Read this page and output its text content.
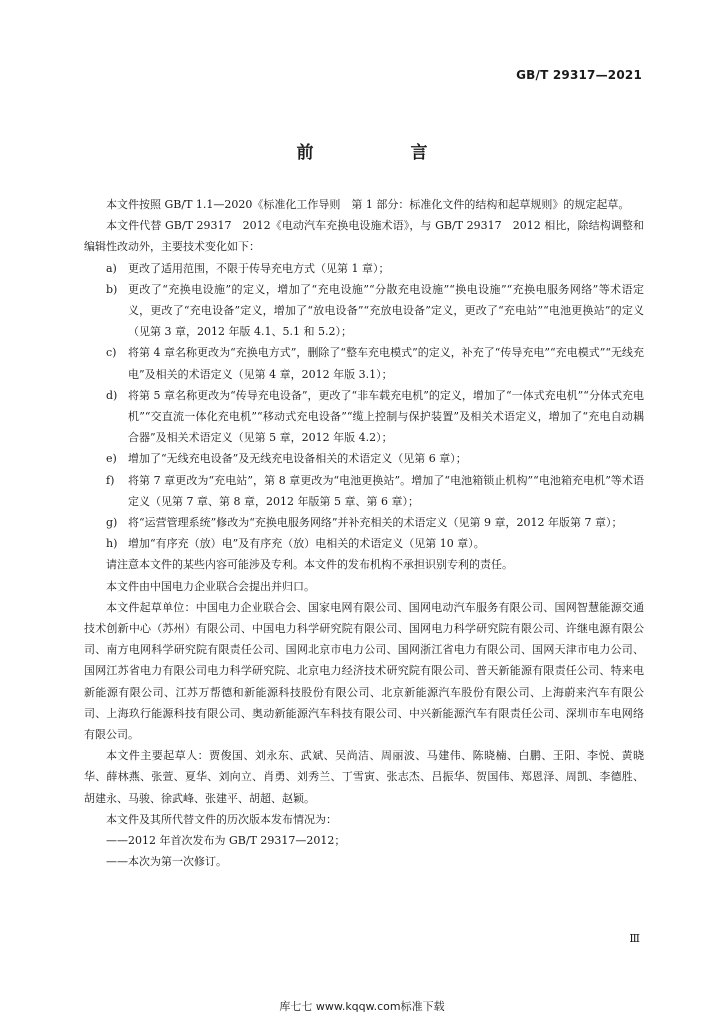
GB/T 29317—2021
前　言

本文件按照 GB/T 1.1—2020《标准化工作导则　第 1 部分：标准化文件的结构和起草规则》的规定起草。

本文件代替 GB/T 29317　2012《电动汽车充换电设施术语》，与 GB/T 29317　2012 相比，除结构调整和编辑性改动外，主要技术变化如下：

a)	更改了适用范围，不限于传导充电方式（见第 1 章）；
b) 更改了“充换电设施”的定义，增加了“充电设施”“分散充电设施”“换电设施”“充换电服务网络”等术语定义，更改了“充电设备”定义，增加了“放电设备”“充放电设备”定义，更改了“充电站”“电池更换站”的定义（见第 3 章，2012 年版 4.1、5.1 和 5.2）；
c)	将第 4 章名称更改为“充换电方式”，删除了“整车充电模式”的定义，补充了“传导充电”“充电模式”“无线充电”及相关的术语定义（见第 4 章，2012 年版 3.1）；
d) 将第 5 章名称更改为“传导充电设备”，更改了“非车载充电机”的定义，增加了“一体式充电机”“分体式充电机”“交直流一体化充电机”“移动式充电设备”“缆上控制与保护装置”及相关术语定义，增加了“充电自动耦合器”及相关术语定义（见第 5 章，2012 年版 4.2）；
e)	增加了“无线充电设备”及无线充电设备相关的术语定义（见第 6 章）；
f)	将第 7 章更改为“充电站”，第 8 章更改为“电池更换站”。增加了“电池箱锁止机构”“电池箱充电机”等术语定义（见第 7 章、第 8 章，2012 年版第 5 章、第 6 章）；
g) 将“运营管理系统”修改为“充换电服务网络”并补充相关的术语定义（见第 9 章，2012 年版第 7 章）；
h) 增加“有序充（放）电”及有序充（放）电相关的术语定义（见第 10 章）。

请注意本文件的某些内容可能涉及专利。本文件的发布机构不承担识别专利的责任。

本文件由中国电力企业联合会提出并归口。

本文件起草单位：中国电力企业联合会、国家电网有限公司、国网电动汽车服务有限公司、国网智慧能源交通技术创新中心（苏州）有限公司、中国电力科学研究院有限公司、国网电力科学研究院有限公司、许继电源有限公司、南方电网科学研究院有限责任公司、国网北京市电力公司、国网浙江省电力有限公司、国网天津市电力公司、国网江苏省电力有限公司电力科学研究院、北京电力经济技术研究院有限公司、普天新能源有限责任公司、特来电新能源有限公司、江苏万帮德和新能源科技股份有限公司、北京新能源汽车股份有限公司、上海蔚来汽车有限公司、上海玖行能源科技有限公司、奥动新能源汽车科技有限公司、中兴新能源汽车有限责任公司、深圳市车电网络有限公司。

本文件主要起草人：贾俊国、刘永东、武斌、吴尚洁、周丽波、马建伟、陈晓楠、白鹏、王阳、李悦、黄晓华、薛林燕、张萱、夏华、刘向立、肖勇、刘秀兰、丁雪寅、张志杰、吕振华、贺国伟、郑恩泽、周凯、李德胜、胡建永、马骏、徐武峰、张建平、胡超、赵颖。

本文件及其所代替文件的历次版本发布情况为：

——2012 年首次发布为 GB/T 29317—2012；

——本次为第一次修订。

Ⅲ
库七七 www.kqqw.com标准下载
